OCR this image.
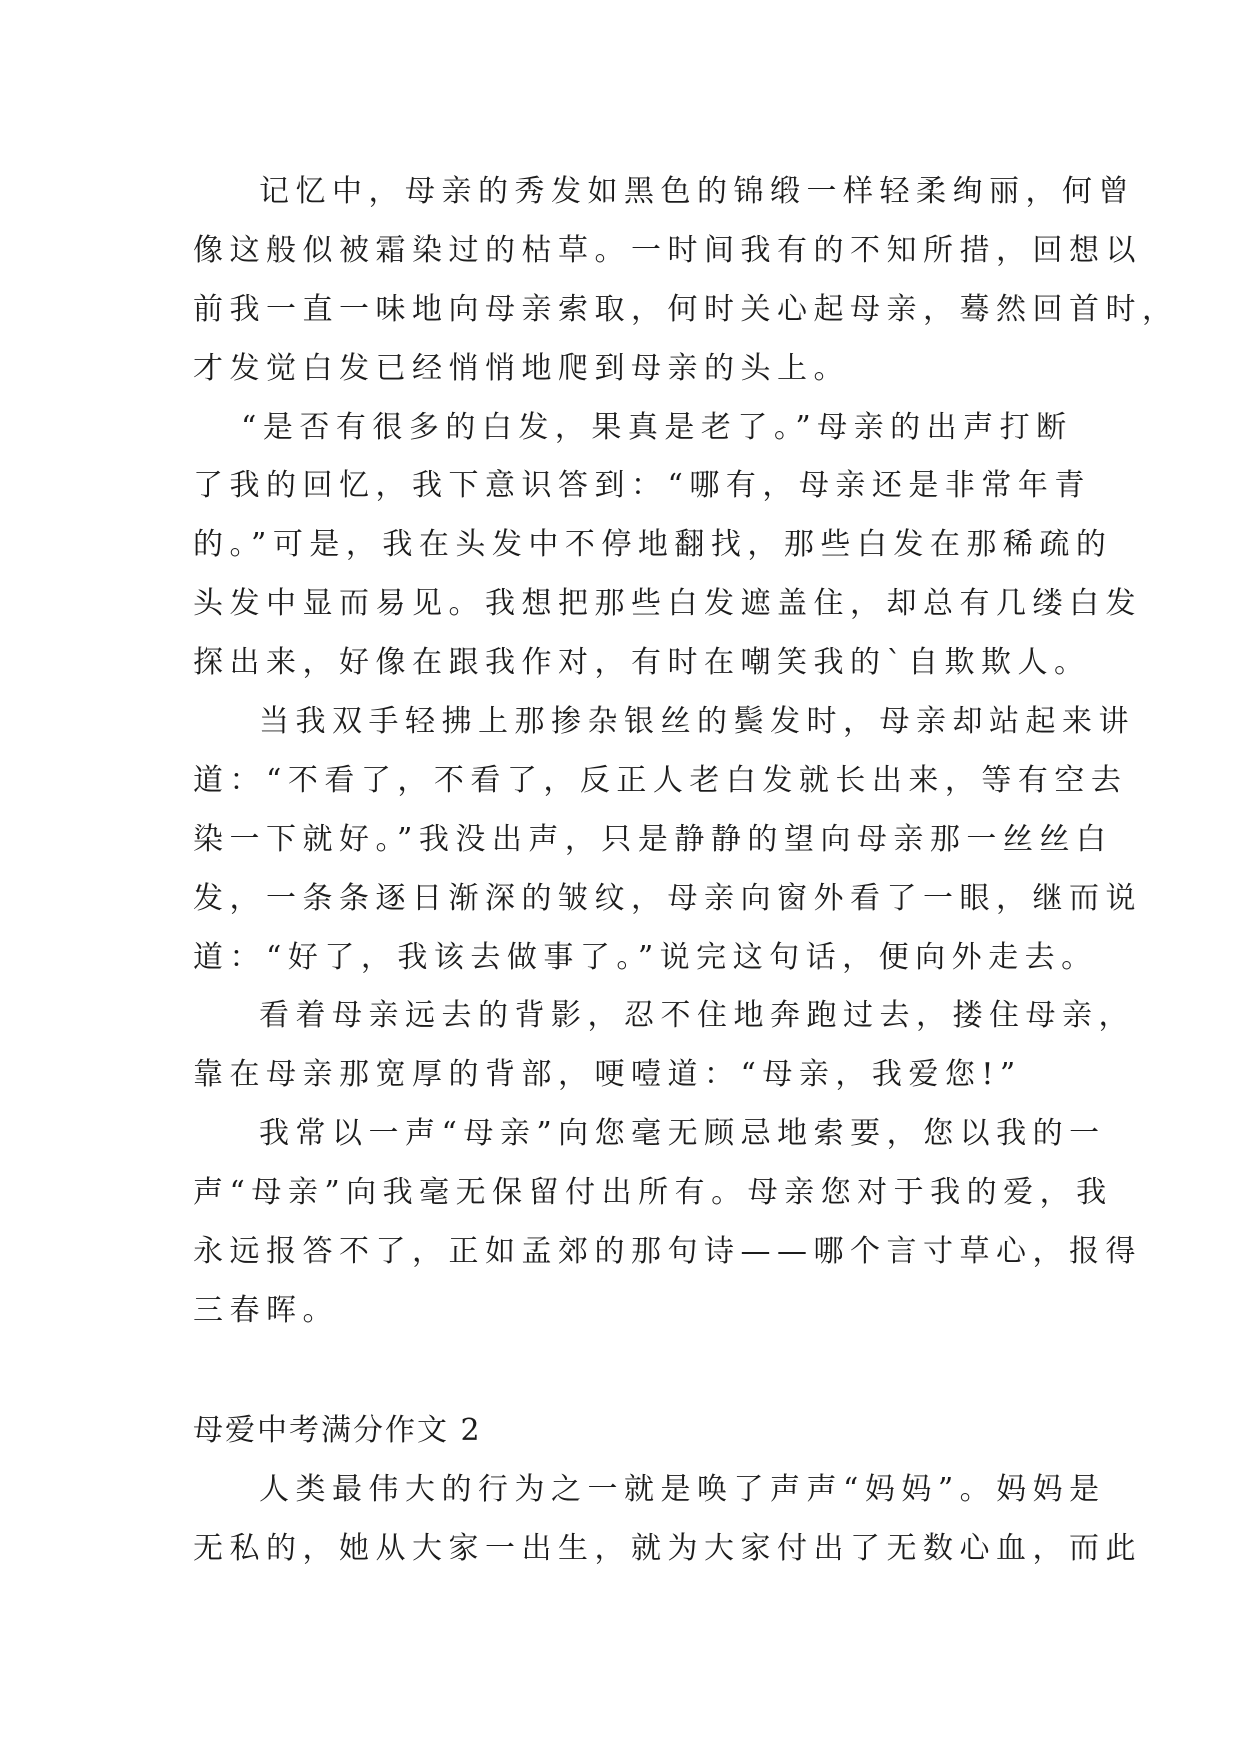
记忆中，母亲的秀发如黑色的锦缎一样轻柔绚丽，何曾
像这般似被霜染过的枯草。一时间我有的不知所措，回想以
前我一直一味地向母亲索取，何时关心起母亲，蓦然回首时，
才发觉白发已经悄悄地爬到母亲的头上。
“是否有很多的白发，果真是老了。”母亲的出声打断
了我的回忆，我下意识答到：“哪有，母亲还是非常年青
的。”可是，我在头发中不停地翻找，那些白发在那稀疏的
头发中显而易见。我想把那些白发遮盖住，却总有几缕白发
探出来，好像在跟我作对，有时在嘲笑我的`自欺欺人。
当我双手轻拂上那掺杂银丝的鬓发时，母亲却站起来讲
道：“不看了，不看了，反正人老白发就长出来，等有空去
染一下就好。”我没出声，只是静静的望向母亲那一丝丝白
发，一条条逐日渐深的皱纹，母亲向窗外看了一眼，继而说
道：“好了，我该去做事了。”说完这句话，便向外走去。
看着母亲远去的背影，忍不住地奔跑过去，搂住母亲，
靠在母亲那宽厚的背部，哽噎道：“母亲，我爱您!”
我常以一声“母亲”向您毫无顾忌地索要，您以我的一
声“母亲”向我毫无保留付出所有。母亲您对于我的爱，我
永远报答不了，正如孟郊的那句诗——哪个言寸草心，报得
三春晖。
母爱中考满分作文 2
人类最伟大的行为之一就是唤了声声“妈妈”。妈妈是
无私的，她从大家一出生，就为大家付出了无数心血，而此
